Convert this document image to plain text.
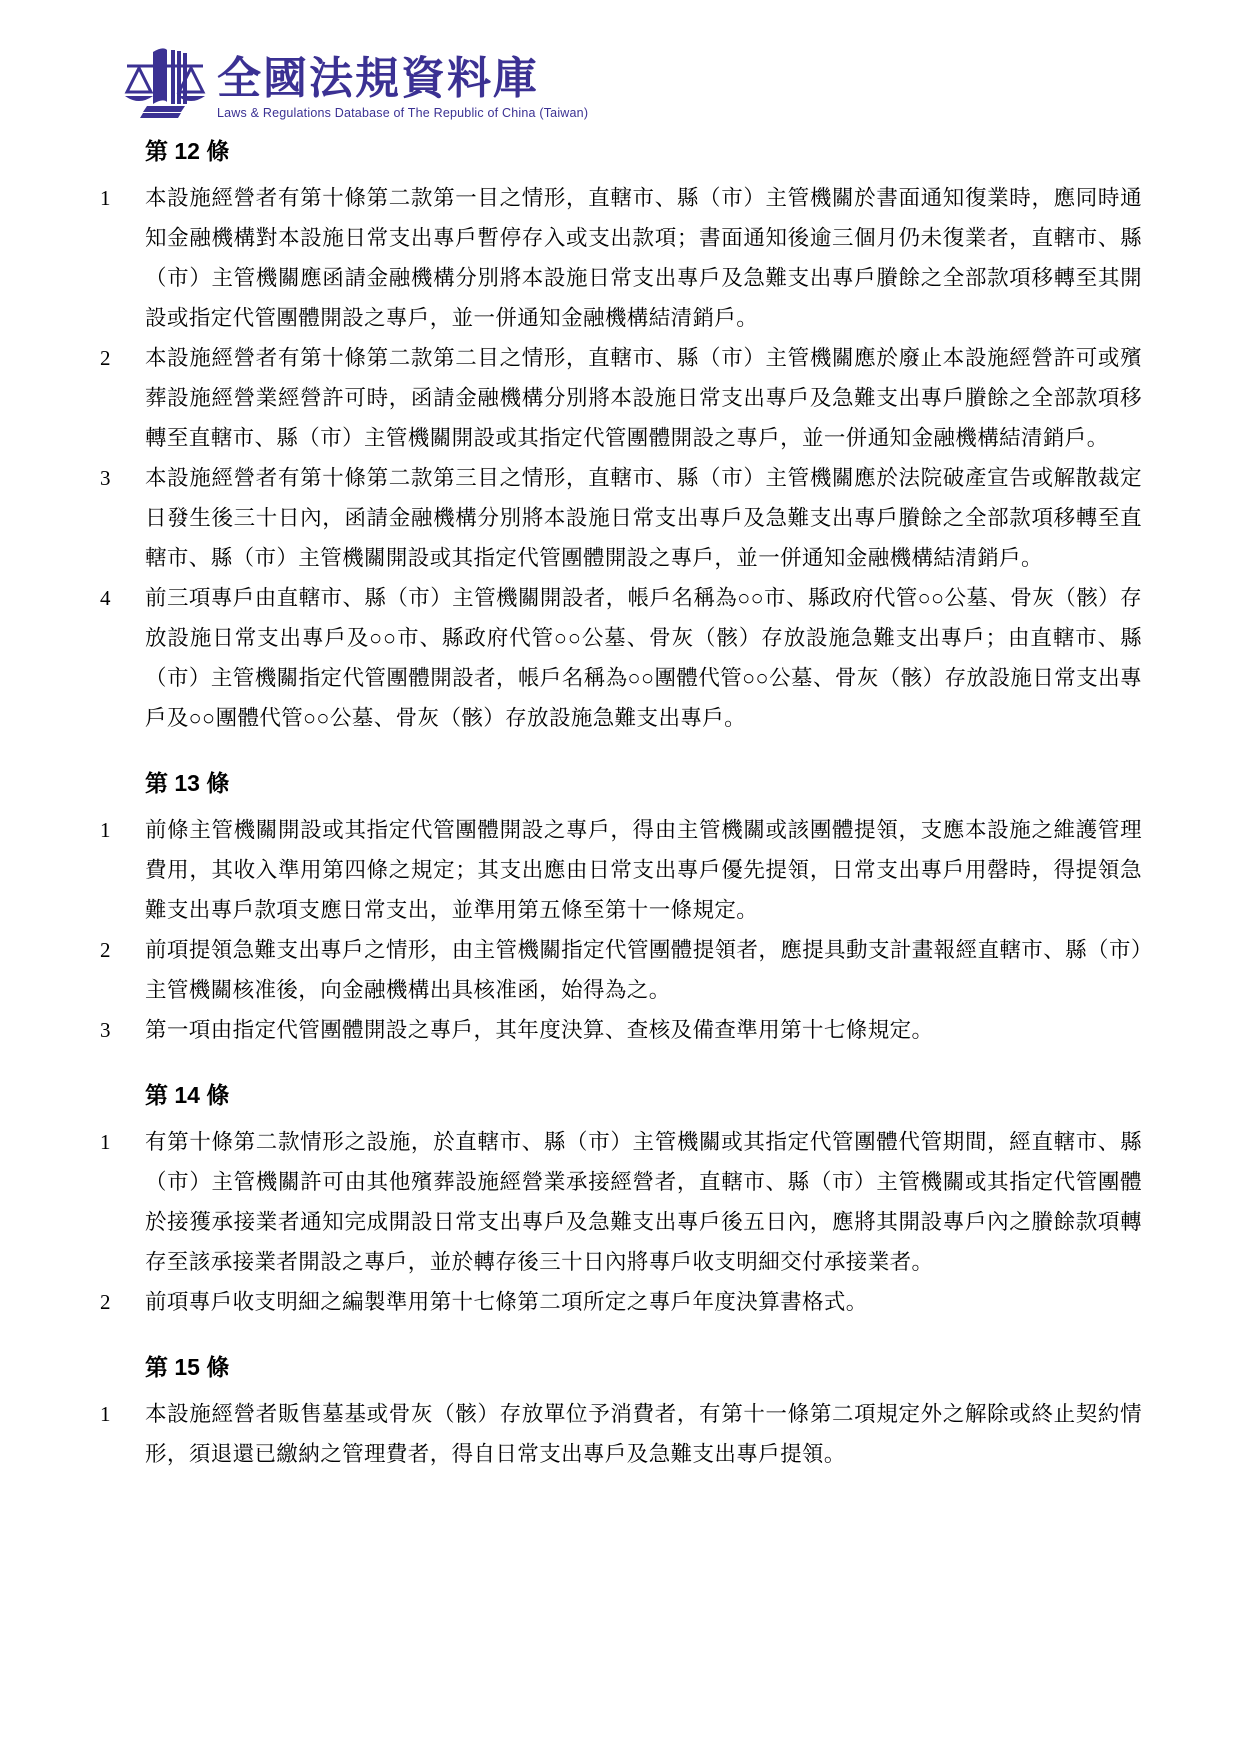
全國法規資料庫
Laws & Regulations Database of The Republic of China (Taiwan)
第 12 條
1	本設施經營者有第十條第二款第一目之情形，直轄市、縣（市）主管機關於書面通知復業時，應同時通知金融機構對本設施日常支出專戶暫停存入或支出款項；書面通知後逾三個月仍未復業者，直轄市、縣（市）主管機關應函請金融機構分別將本設施日常支出專戶及急難支出專戶賸餘之全部款項移轉至其開設或指定代管團體開設之專戶，並一併通知金融機構結清銷戶。
2	本設施經營者有第十條第二款第二目之情形，直轄市、縣（市）主管機關應於廢止本設施經營許可或殯葬設施經營業經營許可時，函請金融機構分別將本設施日常支出專戶及急難支出專戶賸餘之全部款項移轉至直轄市、縣（市）主管機關開設或其指定代管團體開設之專戶，並一併通知金融機構結清銷戶。
3	本設施經營者有第十條第二款第三目之情形，直轄市、縣（市）主管機關應於法院破產宣告或解散裁定日發生後三十日內，函請金融機構分別將本設施日常支出專戶及急難支出專戶賸餘之全部款項移轉至直轄市、縣（市）主管機關開設或其指定代管團體開設之專戶，並一併通知金融機構結清銷戶。
4	前三項專戶由直轄市、縣（市）主管機關開設者，帳戶名稱為○○市、縣政府代管○○公墓、骨灰（骸）存放設施日常支出專戶及○○市、縣政府代管○○公墓、骨灰（骸）存放設施急難支出專戶；由直轄市、縣（市）主管機關指定代管團體開設者，帳戶名稱為○○團體代管○○公墓、骨灰（骸）存放設施日常支出專戶及○○團體代管○○公墓、骨灰（骸）存放設施急難支出專戶。
第 13 條
1	前條主管機關開設或其指定代管團體開設之專戶，得由主管機關或該團體提領，支應本設施之維護管理費用，其收入準用第四條之規定；其支出應由日常支出專戶優先提領，日常支出專戶用罄時，得提領急難支出專戶款項支應日常支出，並準用第五條至第十一條規定。
2	前項提領急難支出專戶之情形，由主管機關指定代管團體提領者，應提具動支計畫報經直轄市、縣（市）主管機關核准後，向金融機構出具核准函，始得為之。
3	第一項由指定代管團體開設之專戶，其年度決算、查核及備查準用第十七條規定。
第 14 條
1	有第十條第二款情形之設施，於直轄市、縣（市）主管機關或其指定代管團體代管期間，經直轄市、縣（市）主管機關許可由其他殯葬設施經營業承接經營者，直轄市、縣（市）主管機關或其指定代管團體於接獲承接業者通知完成開設日常支出專戶及急難支出專戶後五日內，應將其開設專戶內之賸餘款項轉存至該承接業者開設之專戶，並於轉存後三十日內將專戶收支明細交付承接業者。
2	前項專戶收支明細之編製準用第十七條第二項所定之專戶年度決算書格式。
第 15 條
1	本設施經營者販售墓基或骨灰（骸）存放單位予消費者，有第十一條第二項規定外之解除或終止契約情形，須退還已繳納之管理費者，得自日常支出專戶及急難支出專戶提領。
